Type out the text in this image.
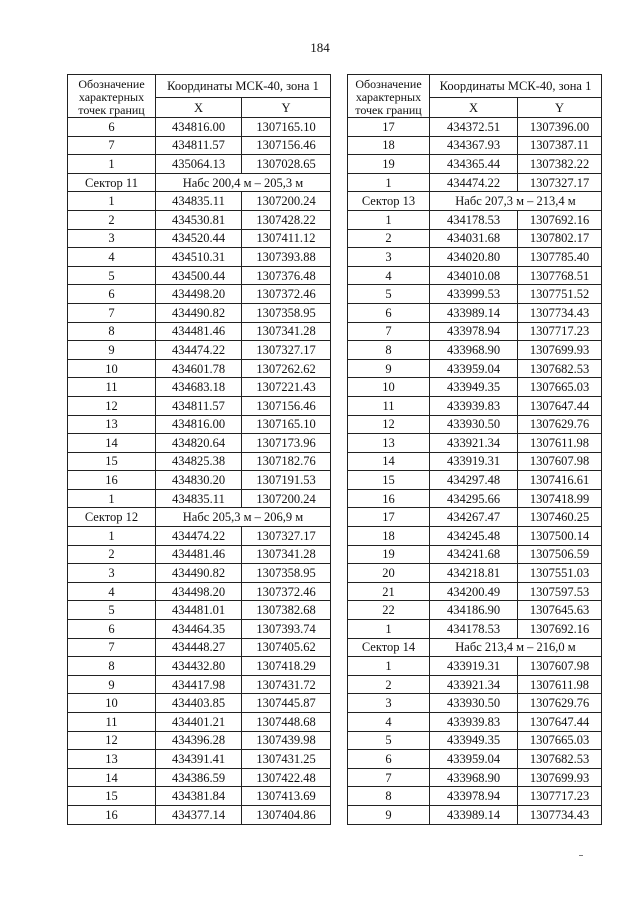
184
Обозначение
характерных
точек границ	Координаты МСК-40, зона 1	
	X	Y
6	434816.00	1307165.10
7	434811.57	1307156.46
1	435064.13	1307028.65
Сектор 11	Набс 200,4 м – 205,3 м	
1	434835.11	1307200.24
2	434530.81	1307428.22
3	434520.44	1307411.12
4	434510.31	1307393.88
5	434500.44	1307376.48
6	434498.20	1307372.46
7	434490.82	1307358.95
8	434481.46	1307341.28
9	434474.22	1307327.17
10	434601.78	1307262.62
11	434683.18	1307221.43
12	434811.57	1307156.46
13	434816.00	1307165.10
14	434820.64	1307173.96
15	434825.38	1307182.76
16	434830.20	1307191.53
1	434835.11	1307200.24
Сектор 12	Набс 205,3 м – 206,9 м	
1	434474.22	1307327.17
2	434481.46	1307341.28
3	434490.82	1307358.95
4	434498.20	1307372.46
5	434481.01	1307382.68
6	434464.35	1307393.74
7	434448.27	1307405.62
8	434432.80	1307418.29
9	434417.98	1307431.72
10	434403.85	1307445.87
11	434401.21	1307448.68
12	434396.28	1307439.98
13	434391.41	1307431.25
14	434386.59	1307422.48
15	434381.84	1307413.69
16	434377.14	1307404.86
Обозначение
характерных
точек границ	Координаты МСК-40, зона 1	
	X	Y
17	434372.51	1307396.00
18	434367.93	1307387.11
19	434365.44	1307382.22
1	434474.22	1307327.17
Сектор 13	Набс 207,3 м – 213,4 м	
1	434178.53	1307692.16
2	434031.68	1307802.17
3	434020.80	1307785.40
4	434010.08	1307768.51
5	433999.53	1307751.52
6	433989.14	1307734.43
7	433978.94	1307717.23
8	433968.90	1307699.93
9	433959.04	1307682.53
10	433949.35	1307665.03
11	433939.83	1307647.44
12	433930.50	1307629.76
13	433921.34	1307611.98
14	433919.31	1307607.98
15	434297.48	1307416.61
16	434295.66	1307418.99
17	434267.47	1307460.25
18	434245.48	1307500.14
19	434241.68	1307506.59
20	434218.81	1307551.03
21	434200.49	1307597.53
22	434186.90	1307645.63
1	434178.53	1307692.16
Сектор 14	Набс 213,4 м – 216,0 м	
1	433919.31	1307607.98
2	433921.34	1307611.98
3	433930.50	1307629.76
4	433939.83	1307647.44
5	433949.35	1307665.03
6	433959.04	1307682.53
7	433968.90	1307699.93
8	433978.94	1307717.23
9	433989.14	1307734.43
